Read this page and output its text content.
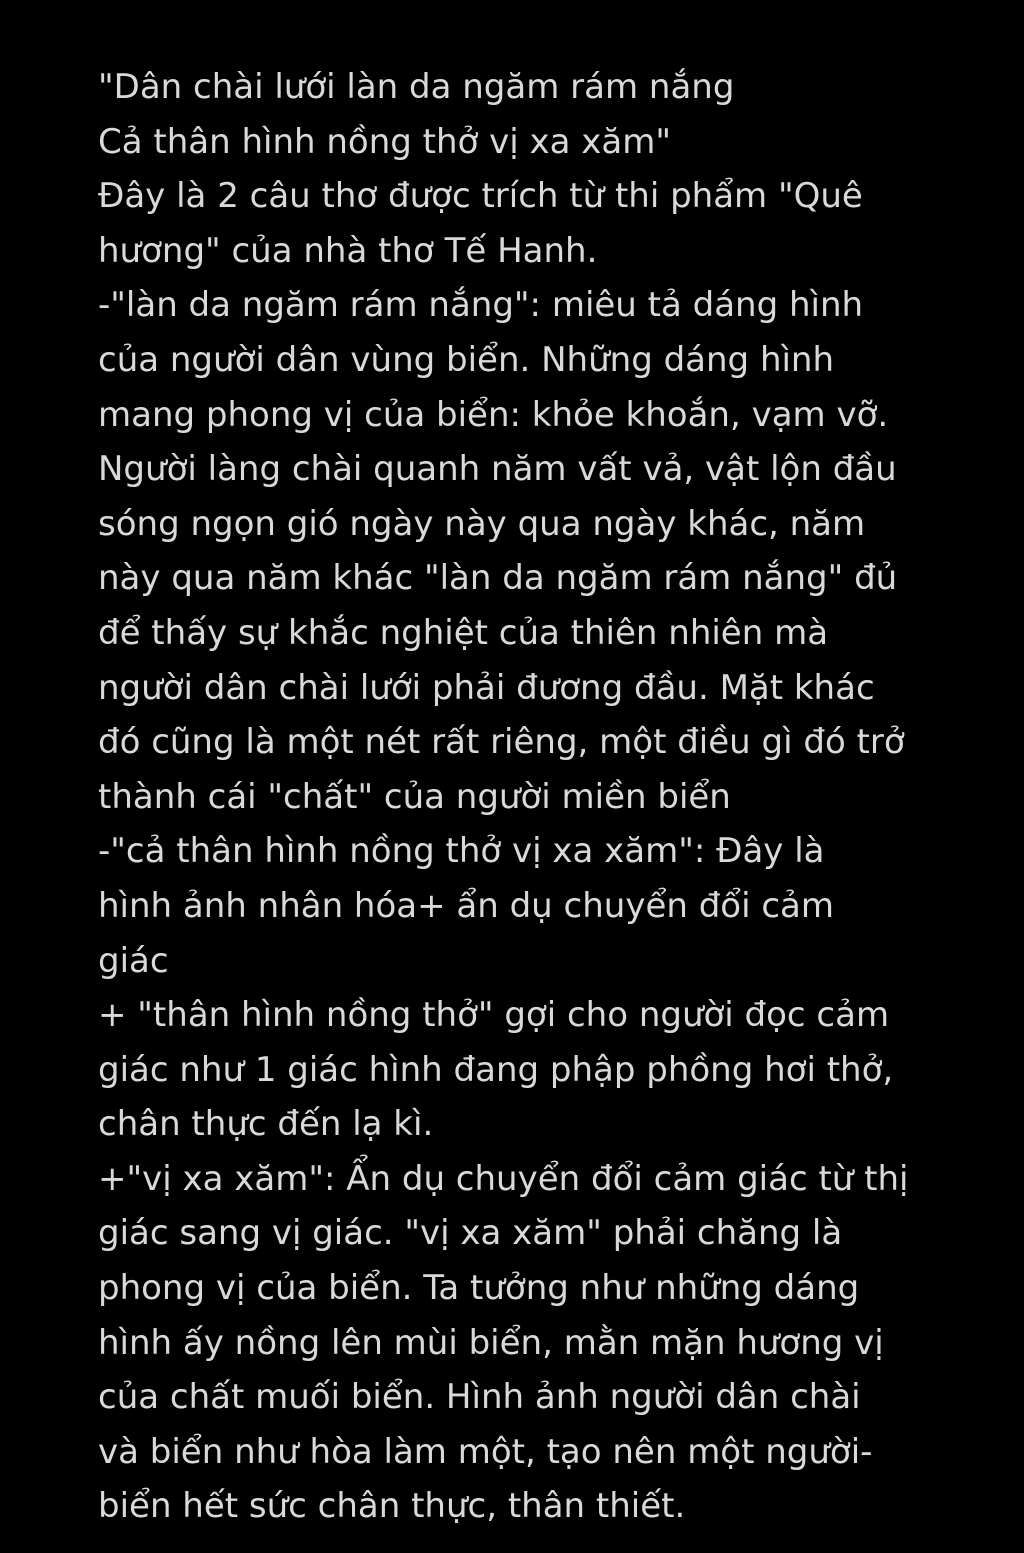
"Dân chài lưới làn da ngăm rám nắng
Cả thân hình nồng thở vị xa xăm"
Đây là 2 câu thơ được trích từ thi phẩm "Quê
hương" của nhà thơ Tế Hanh.
-"làn da ngăm rám nắng": miêu tả dáng hình
của người dân vùng biển. Những dáng hình
mang phong vị của biển: khỏe khoắn, vạm vỡ.
Người làng chài quanh năm vất vả, vật lộn đầu
sóng ngọn gió ngày này qua ngày khác, năm
này qua năm khác "làn da ngăm rám nắng" đủ
để thấy sự khắc nghiệt của thiên nhiên mà
người dân chài lưới phải đương đầu. Mặt khác
đó cũng là một nét rất riêng, một điều gì đó trở
thành cái "chất" của người miền biển
-"cả thân hình nồng thở vị xa xăm": Đây là
hình ảnh nhân hóa+ ẩn dụ chuyển đổi cảm
giác
+ "thân hình nồng thở" gợi cho người đọc cảm
giác như 1 giác hình đang phập phồng hơi thở,
chân thực đến lạ kì.
+"vị xa xăm": Ẩn dụ chuyển đổi cảm giác từ thị
giác sang vị giác. "vị xa xăm" phải chăng là
phong vị của biển. Ta tưởng như những dáng
hình ấy nồng lên mùi biển, mằn mặn hương vị
của chất muối biển. Hình ảnh người dân chài
và biển như hòa làm một, tạo nên một người-
biển hết sức chân thực, thân thiết.
